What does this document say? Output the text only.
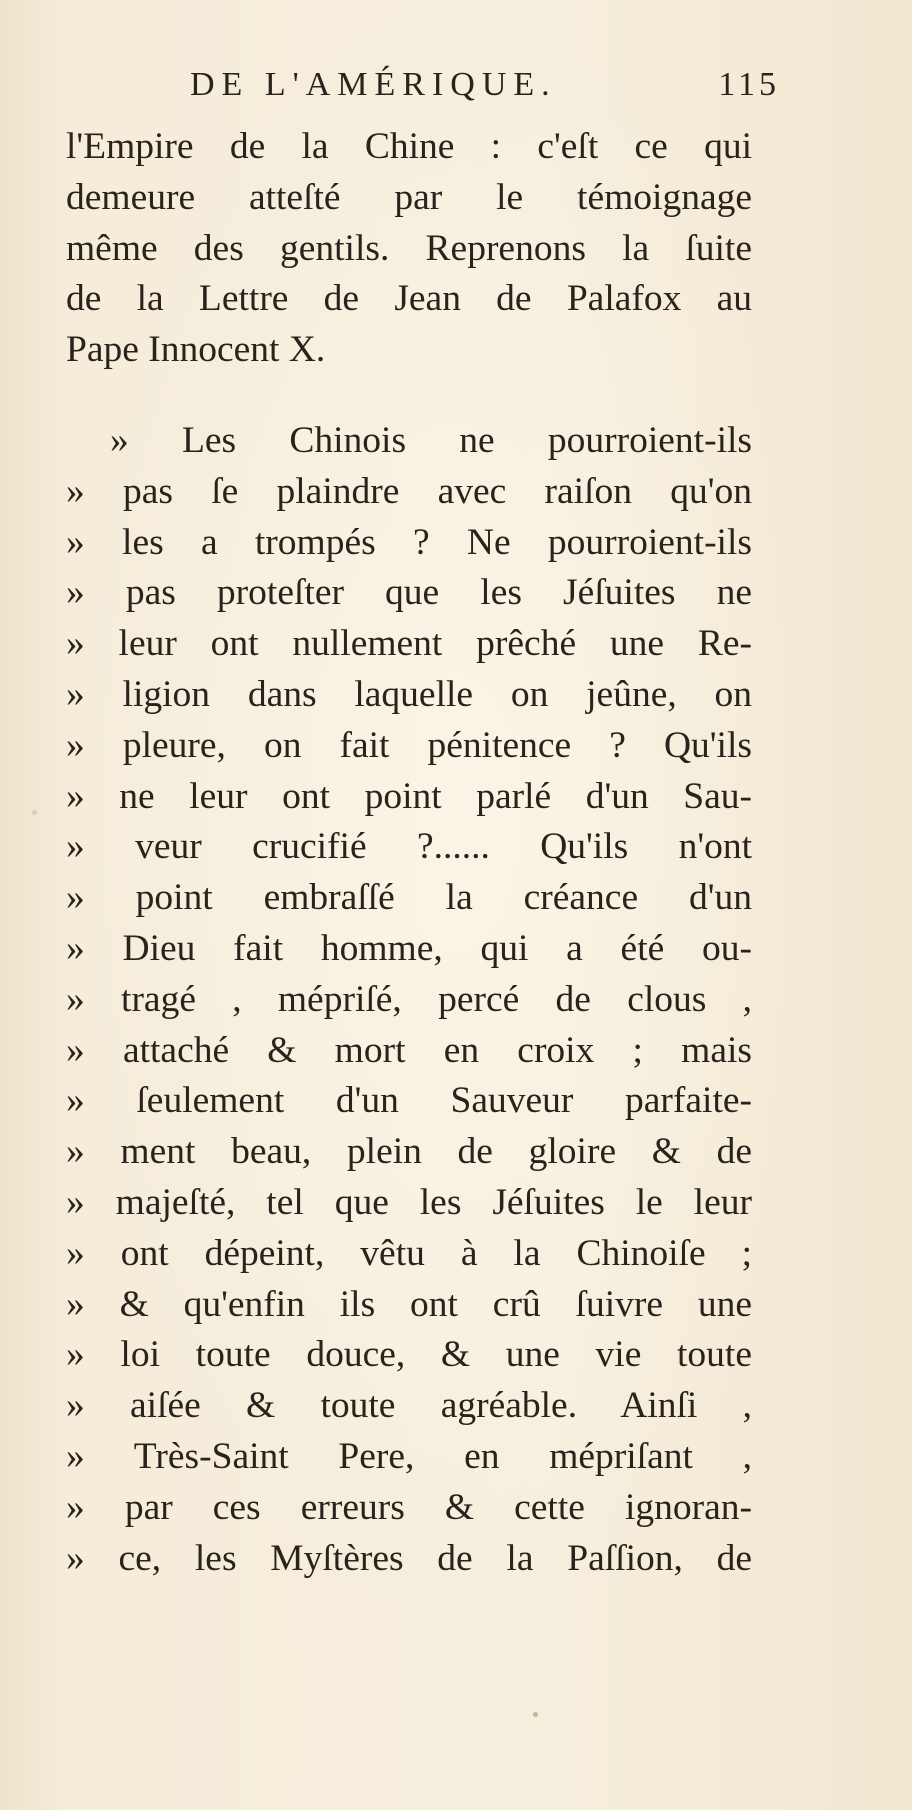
DE L'AMÉRIQUE.	115
l'Empire de la Chine : c'eſt ce qui
demeure atteſté par le témoignage
même des gentils. Reprenons la ſuite
de la Lettre de Jean de Palafox au
Pape Innocent X.
» Les Chinois ne pourroient-ils
» pas ſe plaindre avec raiſon qu'on
» les a trompés ? Ne pourroient-ils
» pas proteſter que les Jéſuites ne
» leur ont nullement prêché une Re-
» ligion dans laquelle on jeûne, on
» pleure, on fait pénitence ? Qu'ils
» ne leur ont point parlé d'un Sau-
» veur crucifié ?...... Qu'ils n'ont
» point embraſſé la créance d'un
» Dieu fait homme, qui a été ou-
» tragé , mépriſé, percé de clous ,
» attaché & mort en croix ; mais
» ſeulement d'un Sauveur parfaite-
» ment beau, plein de gloire & de
» majeſté, tel que les Jéſuites le leur
» ont dépeint, vêtu à la Chinoiſe ;
» & qu'enfin ils ont crû ſuivre une
» loi toute douce, & une vie toute
» aiſée & toute agréable. Ainſi ,
» Très-Saint Pere, en mépriſant ,
» par ces erreurs & cette ignoran-
» ce, les Myſtères de la Paſſion, de
